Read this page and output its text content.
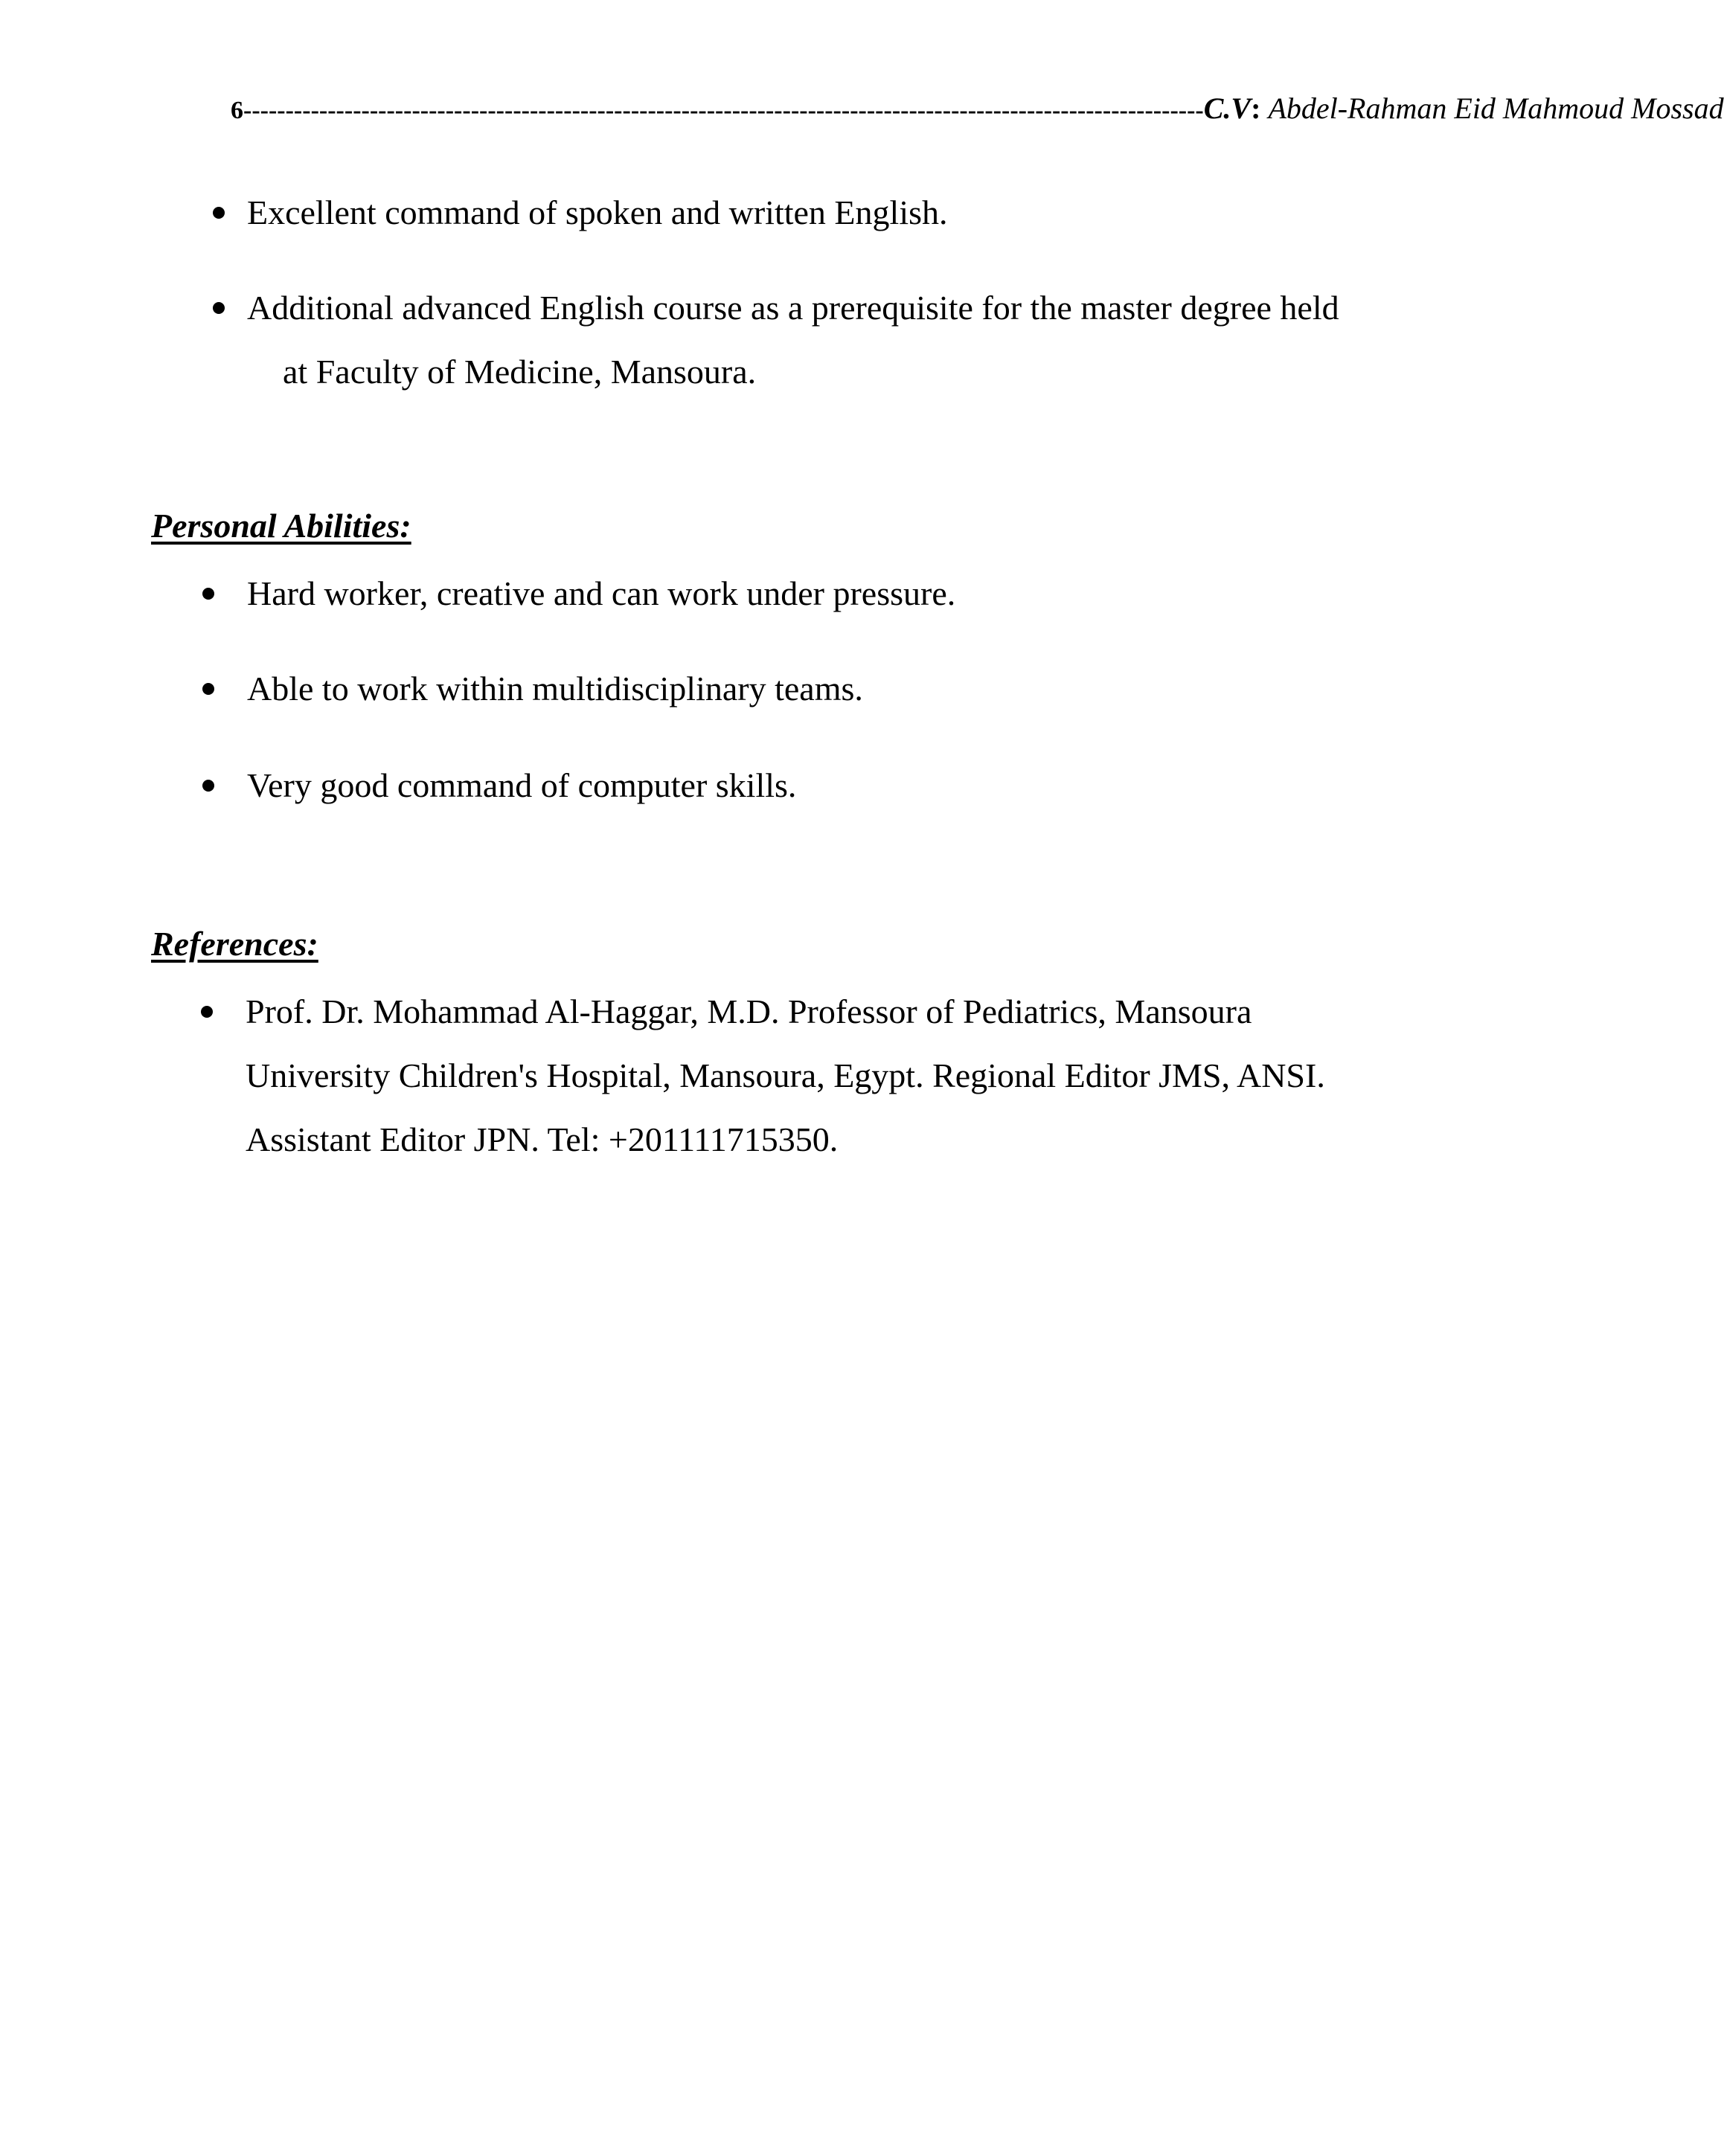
6 ------------------------------------------------------------------------------------------------------------------ C.V : Abdel-Rahman Eid Mahmoud Mossad
Excellent command of spoken and written English.
Additional advanced English course as a prerequisite for the master degree held
at Faculty of Medicine, Mansoura.
Personal Abilities:
Hard worker, creative and can work under pressure.
Able to work within multidisciplinary teams.
Very good command of computer skills.
References:
Prof. Dr. Mohammad Al-Haggar, M.D. Professor of Pediatrics, Mansoura
University Children's Hospital, Mansoura, Egypt. Regional Editor JMS, ANSI.
Assistant Editor JPN. Tel: +201111715350.
